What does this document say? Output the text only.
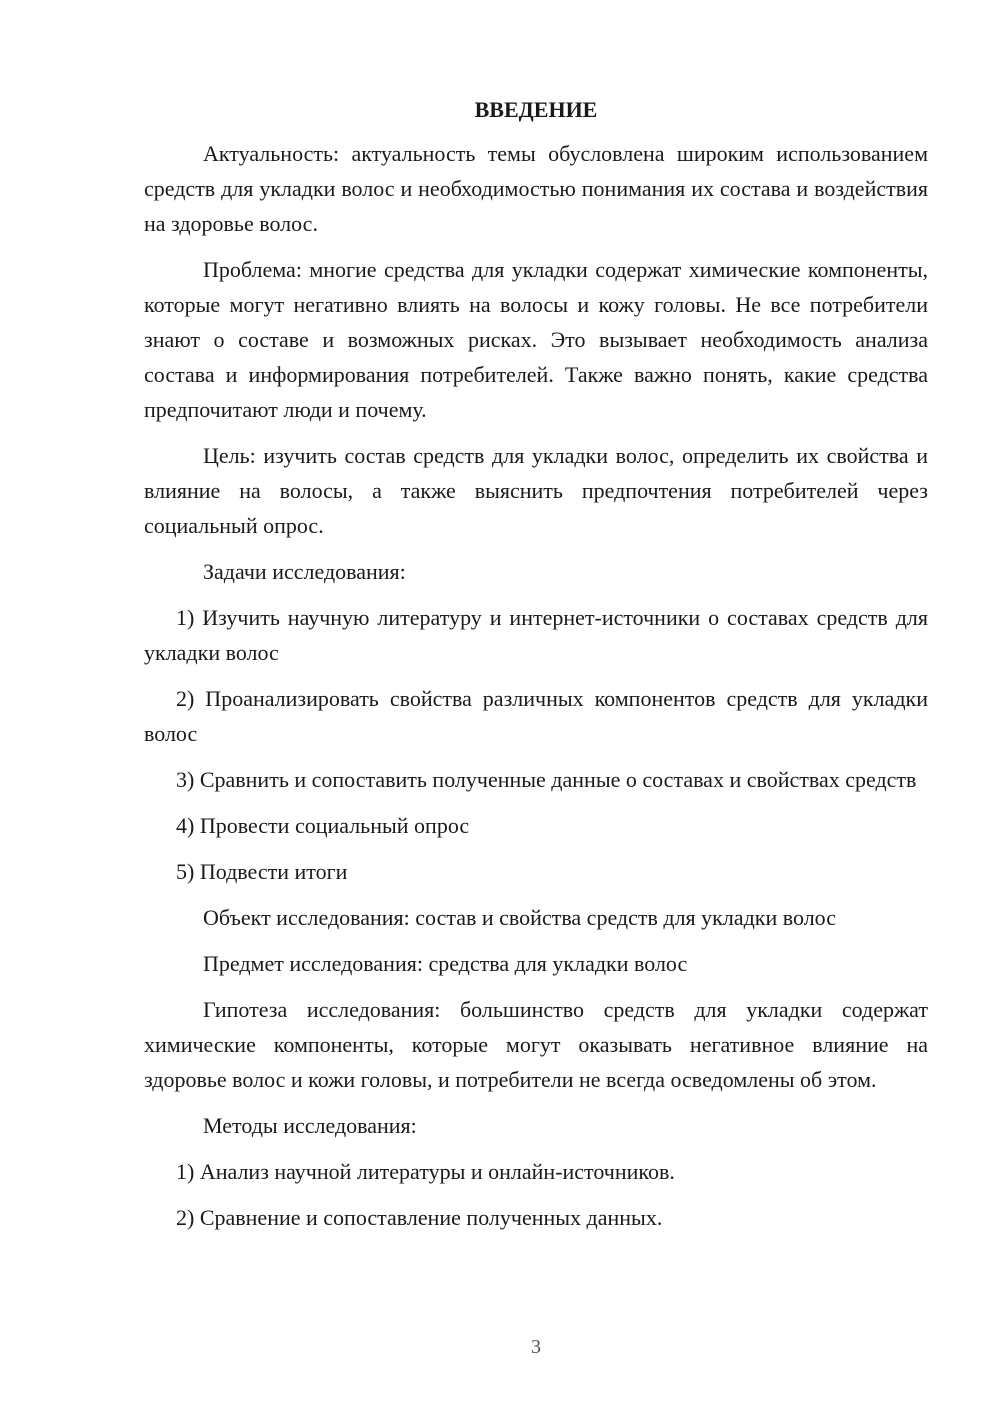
ВВЕДЕНИЕ

Актуальность: актуальность темы обусловлена широким использованием средств для укладки волос и необходимостью понимания их состава и воздействия на здоровье волос.

Проблема: многие средства для укладки содержат химические компоненты, которые могут негативно влиять на волосы и кожу головы. Не все потребители знают о составе и возможных рисках. Это вызывает необходимость анализа состава и информирования потребителей. Также важно понять, какие средства предпочитают люди и почему.

Цель: изучить состав средств для укладки волос, определить их свойства и влияние на волосы, а также выяснить предпочтения потребителей через социальный опрос.

Задачи исследования:

1) Изучить научную литературу и интернет-источники о составах средств для укладки волос

2) Проанализировать свойства различных компонентов средств для укладки волос

3) Сравнить и сопоставить полученные данные о составах и свойствах средств

4) Провести социальный опрос

5) Подвести итоги

Объект исследования: состав и свойства средств для укладки волос

Предмет исследования: средства для укладки волос

Гипотеза исследования: большинство средств для укладки содержат химические компоненты, которые могут оказывать негативное влияние на здоровье волос и кожи головы, и потребители не всегда осведомлены об этом.

Методы исследования:

1) Анализ научной литературы и онлайн-источников.

2) Сравнение и сопоставление полученных данных.

3
